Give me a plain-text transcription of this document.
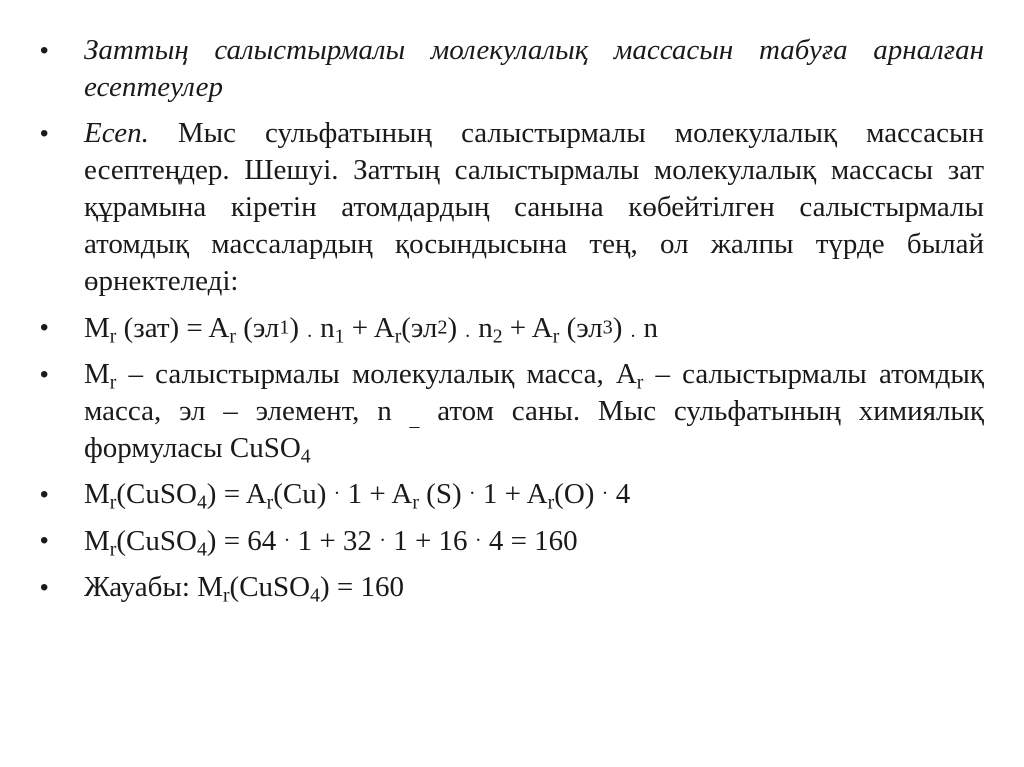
•	Заттың салыстырмалы молекулалық массасын табуға арналған есептеулер
•	Есеп. Мыс сульфатының салыстырмалы молекулалық массасын есептеңдер. Шешуі. Заттың салыстырмалы молекулалық массасы зат құрамына кіретін атомдардың санына көбейтілген салыстырмалы атомдық массалардың қосындысына тең, ол жалпы түрде былай өрнектеледі:
•	$M_r$ $(зат) = A_r$ (эл1) $_\cdot$ $n_1 + A_r(эл2)$ $_\cdot$ $n_2 + A_r$ (эл3) $_\cdot$ n
•	$M_r$ – салыстырмалы молекулалық масса, $A_r$ – салыстырмалы атомдық масса, эл – элемент, n $_{\_}$ атом саны. Мыс сульфатының химиялық формуласы CuSO$_4$
•	$M_r(CuSO_4) = A_r(Cu) \cdot 1 + A_r$ $(S) \cdot 1 + A_r(O) \cdot 4$
•	$M_r(CuSO_4) = 64 \cdot 1 + 32 \cdot 1 + 16 \cdot 4 = 160$
•	Жауабы: $M_r(CuSO_4) = 160$
